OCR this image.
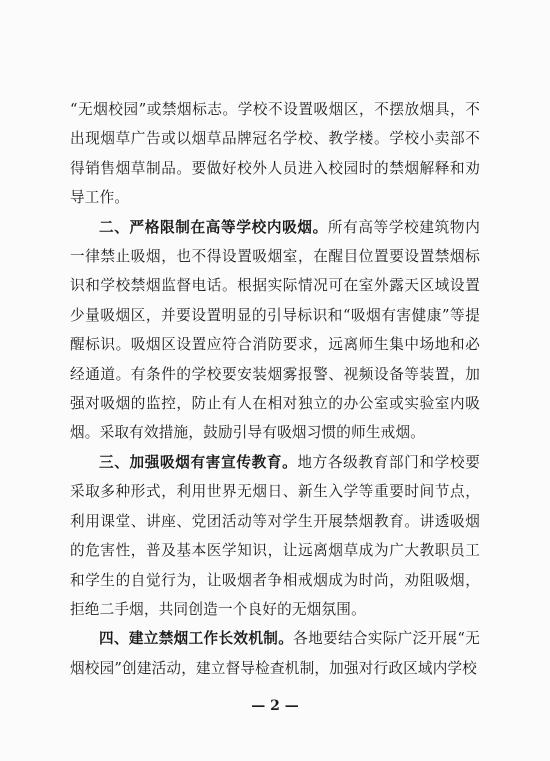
“无烟校园”或禁烟标志。学校不设置吸烟区，不摆放烟具，不出现烟草广告或以烟草品牌冠名学校、教学楼。学校小卖部不得销售烟草制品。要做好校外人员进入校园时的禁烟解释和劝导工作。

二、严格限制在高等学校内吸烟。所有高等学校建筑物内一律禁止吸烟，也不得设置吸烟室，在醒目位置要设置禁烟标识和学校禁烟监督电话。根据实际情况可在室外露天区域设置少量吸烟区，并要设置明显的引导标识和“吸烟有害健康”等提醒标识。吸烟区设置应符合消防要求，远离师生集中场地和必经通道。有条件的学校要安装烟雾报警、视频设备等装置，加强对吸烟的监控，防止有人在相对独立的办公室或实验室内吸烟。采取有效措施，鼓励引导有吸烟习惯的师生戒烟。

三、加强吸烟有害宣传教育。地方各级教育部门和学校要采取多种形式，利用世界无烟日、新生入学等重要时间节点，利用课堂、讲座、党团活动等对学生开展禁烟教育。讲透吸烟的危害性，普及基本医学知识，让远离烟草成为广大教职员工和学生的自觉行为，让吸烟者争相戒烟成为时尚，劝阻吸烟，拒绝二手烟，共同创造一个良好的无烟氛围。

四、建立禁烟工作长效机制。各地要结合实际广泛开展“无烟校园”创建活动，建立督导检查机制，加强对行政区域内学校

— 2 —
